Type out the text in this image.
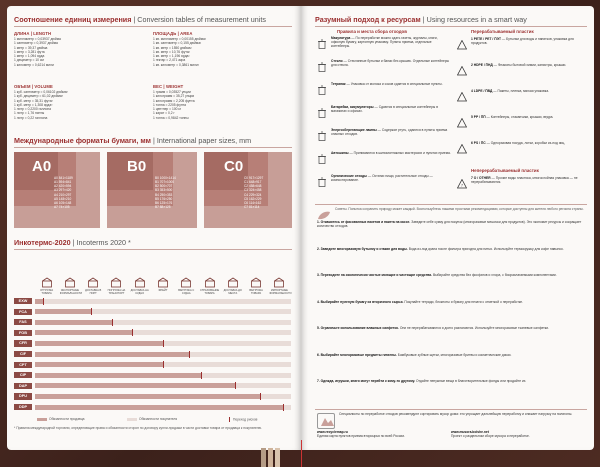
Соотношение единиц измерения | Conversion tables of measurement units
ДЛИНА | LENGTH
1 миллиметр = 0,03937 дюйма
1 сантиметр = 0,3937 дюйма
1 метр = 39,37 дюйма
1 метр = 3,281 фута
1 метр = 1,094 ярда
1 дециметр = 10 см
1 километр = 0,6214 мили
ПЛОЩАДЬ | AREA
1 кв. миллиметр = 0,00155 дюйма²
1 кв. сантиметр = 0,155 дюйма²
1 кв. метр = 1550 дюйма²
1 кв. метр = 10,76 фута²
1 кв. метр = 1,196 ярда²
1 гектар = 2,471 акра
1 кв. километр = 0,3861 мили²
ОБЪЕМ | VOLUME
1 куб. сантиметр = 0,06102 дюйма³
1 куб. дециметр = 61,02 дюйма³
1 куб. метр = 35,31 фута³
1 куб. метр = 1,308 ярда³
1 литр = 0,2200 галлона
1 литр = 1,76 пинты
1 литр = 0,22 галлона
ВЕС | WEIGHT
1 грамм = 0,03527 унции
1 килограмм = 35,27 унции
1 килограмм = 2,205 фунта
1 тонна = 2205 фунта
1 центнер = 100 кг
1 карат = 0,2 г
1 тонна = 0,9842 тонны
Международные форматы бумаги, мм | International paper sizes, mm
A0
A0 841×1189
A1 594×841
A2 420×594
A3 297×420
A4 210×297
A5 148×210
A6 105×148
A7 74×105
B0
B0 1000×1414
B1 707×1000
B2 500×707
B3 353×500
B4 250×353
B5 176×250
B6 125×176
B7 88×125
C0
C0 917×1297
C1 648×917
C2 458×648
C3 324×458
C4 229×324
C5 162×229
C6 114×162
C7 81×114
Инкотермс-2020 | Incoterms 2020 *
ОТГРУЗКА ТОВАРА
ЭКСПОРТНЫЕ ФОРМАЛЬНОСТИ
ДОСТАВКА В ПОРТ
ПОГРУЗКА НА ТРАНСПОРТ
ДОСТАВКА НА СУДНО
ФРЕЙТ	ВЫГРУЗКА С СУДНА
СТРАХОВАНИЕ ТОВАРА
ДОСТАВКА ДО МЕСТА
ВЫГРУЗКА ТОВАРА
ИМПОРТНЫЕ ФОРМАЛЬНОСТИ
EXW
FCA
FAS
FOB
CFR
CIF
CPT
CIP
DAP
DPU
DDP
Обязанности продавца	Обязанности покупателя	Переход рисков
* Правила международной торговли, определяющие права и обязанности сторон по договору купли-продажи в части доставки товара от продавца к покупателю.
Разумный подход к ресурсам | Using resources in a smart way
Правила и места сбора отходов	Перерабатываемый пластик
Макулатура — По переработке можно сдать газеты, журналы, книги, офисную бумагу, картонную упаковку. Пункты приема, отдельные контейнеры.
Стекло — Стеклянные бутылки и банки без крышек. Отдельные контейнеры для стекла.
Тетрапак — Упаковка от молока и соков сдается в специальные пункты.
Батарейки, аккумуляторы — Сдаются в специальные контейнеры в магазинах и офисах.
Энергосберегающие лампы — Содержат ртуть, сдаются в пункты приема опасных отходов.
Автошины — Принимаются в шиномонтажных мастерских и пунктах приема.
Органические отходы — Остатки пищи, растительные отходы — компостирование.
1 PETE / PET / ПЭТ — Бутылки для воды и напитков, упаковка для продуктов.
2 HDPE / ПНД — Флаконы бытовой химии, канистры, крышки.
4 LDPE / ПВД — Пакеты, пленка, мягкая упаковка.
5 PP / ПП — Контейнеры, стаканчики, крышки, ведра.
6 PS / ПС — Одноразовая посуда, лотки, коробки из-под яиц.
Неперерабатываемый пластик
7
7 O / OTHER — Прочие виды пластика, многослойная упаковка — не перерабатываются.
Советы. Попытка сохранить природу может каждый. Воспользуйтесь нашими простыми рекомендациями, которые доступны для жителя любого региона страны.
1. Откажитесь от фасованных пакетов и пакета на кассе. Заведите себе сумку для покупок (многоразовые мешочки для продуктов). Это экономит ресурсы и сокращает количество отходов.
2. Заведите многоразовую бутылку и стакан для воды. Вода из-под крана после фильтра пригодна для питья. Используйте термокружку для кофе навынос.
3. Переходите на экологически чистые моющие и чистящие средства. Выбирайте средства без фосфатов и хлора, с биоразлагаемыми компонентами.
4. Выбирайте пуленую бумагу из вторичного сырья. Покупайте тетради, блокноты и бумагу для печати с отметкой о переработке.
5. Ограничьте использование влажных салфеток. Они не перерабатываются и долго разлагаются. Используйте многоразовые тканевые салфетки.
6. Выбирайте многоразовые предметы гигиены. Бамбуковые зубные щетки, многоразовые бритвы и косметические диски.
7. Одежда, игрушки, книги могут перейти к кому-то другому. Отдайте ненужные вещи в благотворительные фонды или продайте их.
Специалисты по переработке отходов рекомендуют сортировать мусор дома: это упрощает дальнейшую переработку и снижает нагрузку на полигоны.
www.recyclemap.ru
Единая карта пунктов приема вторсырья по всей России.
www.musora.bolshe.net
Проект о раздельном сборе мусора и переработке.
